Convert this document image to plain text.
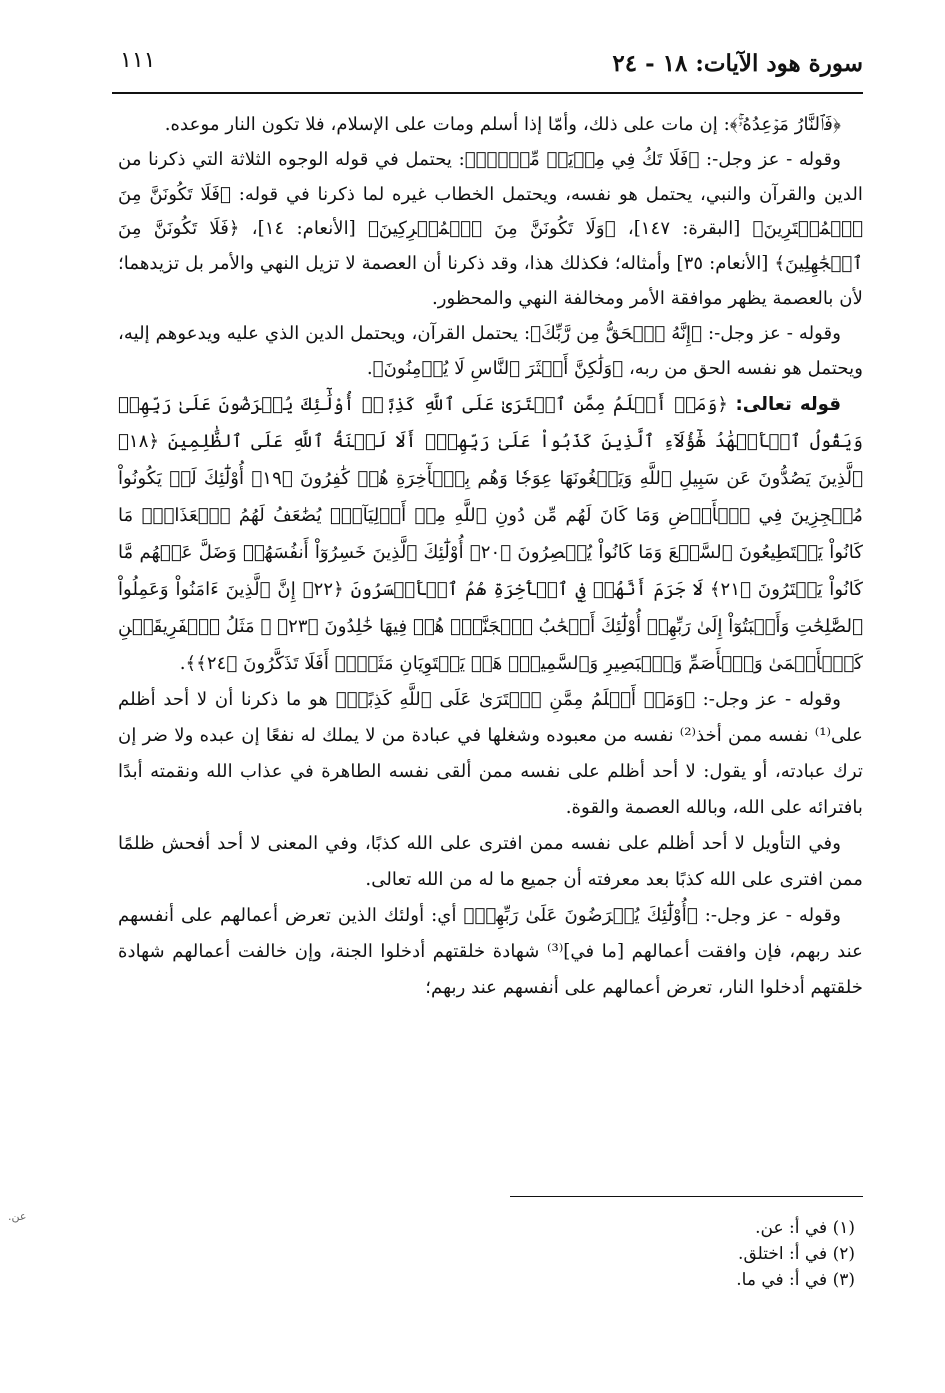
سورة هود الآيات: ١٨ - ٢٤
١١١

﴿فَٱلنَّارُ مَوۡعِدُهُۥۚ﴾: إن مات على ذلك، وأمّا إذا أسلم ومات على الإسلام، فلا تكون النار موعده.

وقوله - عز وجل-: ﴿فَلَا تَكُ فِي مِرۡيَةٖ مِّنۡهُۚ﴾: يحتمل في قوله الوجوه الثلاثة التي ذكرنا من الدين والقرآن والنبي، يحتمل هو نفسه، ويحتمل الخطاب غيره لما ذكرنا في قوله: ﴿فَلَا تَكُونَنَّ مِنَ ٱلۡمُمۡتَرِينَ﴾ [البقرة: ١٤٧]، ﴿وَلَا تَكُونَنَّ مِنَ ٱلۡمُشۡرِكِينَ﴾ [الأنعام: ١٤]، ﴿فَلَا تَكُونَنَّ مِنَ ٱلۡجَٰهِلِينَ﴾ [الأنعام: ٣٥] وأمثاله؛ فكذلك هذا، وقد ذكرنا أن العصمة لا تزيل النهي والأمر بل تزيدهما؛ لأن بالعصمة يظهر موافقة الأمر ومخالفة النهي والمحظور.

وقوله - عز وجل-: ﴿إِنَّهُ ٱلۡحَقُّ مِن رَّبِّكَ﴾: يحتمل القرآن، ويحتمل الدين الذي عليه ويدعوهم إليه، ويحتمل هو نفسه الحق من ربه، ﴿وَلَٰكِنَّ أَكۡثَرَ ٱلنَّاسِ لَا يُؤۡمِنُونَ﴾.

قوله تعالى: ﴿وَمَنۡ أَظۡلَمُ مِمَّنِ ٱفۡتَرَىٰ عَلَى ٱللَّهِ كَذِبًاۚ أُوْلَٰٓئِكَ يُعۡرَضُونَ عَلَىٰ رَبِّهِمۡ وَيَقُولُ ٱلۡأَشۡهَٰدُ هَٰٓؤُلَآءِ ٱلَّذِينَ كَذَبُواْ عَلَىٰ رَبِّهِمۡۚ أَلَا لَعۡنَةُ ٱللَّهِ عَلَى ٱلظَّٰلِمِينَ ﴿١٨﴾ ٱلَّذِينَ يَصُدُّونَ عَن سَبِيلِ ٱللَّهِ وَيَبۡغُونَهَا عِوَجٗا وَهُم بِٱلۡأٓخِرَةِ هُمۡ كَٰفِرُونَ ﴿١٩﴾ أُوْلَٰٓئِكَ لَمۡ يَكُونُواْ مُعۡجِزِينَ فِي ٱلۡأَرۡضِ وَمَا كَانَ لَهُم مِّن دُونِ ٱللَّهِ مِنۡ أَوۡلِيَآءَۘ يُضَٰعَفُ لَهُمُ ٱلۡعَذَابُۚ مَا كَانُواْ يَسۡتَطِيعُونَ ٱلسَّمۡعَ وَمَا كَانُواْ يُبۡصِرُونَ ﴿٢٠﴾ أُوْلَٰٓئِكَ ٱلَّذِينَ خَسِرُوٓاْ أَنفُسَهُمۡ وَضَلَّ عَنۡهُم مَّا كَانُواْ يَفۡتَرُونَ ﴿٢١﴾ لَا جَرَمَ أَنَّهُمۡ فِي ٱلۡأٓخِرَةِ هُمُ ٱلۡأَخۡسَرُونَ ﴿٢٢﴾ إِنَّ ٱلَّذِينَ ءَامَنُواْ وَعَمِلُواْ ٱلصَّٰلِحَٰتِ وَأَخۡبَتُوٓاْ إِلَىٰ رَبِّهِمۡ أُوْلَٰٓئِكَ أَصۡحَٰبُ ٱلۡجَنَّةِۖ هُمۡ فِيهَا خَٰلِدُونَ ﴿٢٣﴾ ۞ مَثَلُ ٱلۡفَرِيقَيۡنِ كَٱلۡأَعۡمَىٰ وَٱلۡأَصَمِّ وَٱلۡبَصِيرِ وَٱلسَّمِيعِۚ هَلۡ يَسۡتَوِيَانِ مَثَلًاۚ أَفَلَا تَذَكَّرُونَ ﴿٢٤﴾﴾.

وقوله - عز وجل-: ﴿وَمَنۡ أَظۡلَمُ مِمَّنِ ٱفۡتَرَىٰ عَلَى ٱللَّهِ كَذِبًاۚ﴾ هو ما ذكرنا أن لا أحد أظلم على⁽¹⁾ نفسه ممن أخذ⁽²⁾ نفسه من معبوده وشغلها في عبادة من لا يملك له نفعًا إن عبده ولا ضر إن ترك عبادته، أو يقول: لا أحد أظلم على نفسه ممن ألقى نفسه الطاهرة في عذاب الله ونقمته أبدًا بافترائه على الله، وبالله العصمة والقوة.

وفي التأويل لا أحد أظلم على نفسه ممن افترى على الله كذبًا، وفي المعنى لا أحد أفحش ظلمًا ممن افترى على الله كذبًا بعد معرفته أن جميع ما له من الله تعالى.

وقوله - عز وجل-: ﴿أُوْلَٰٓئِكَ يُعۡرَضُونَ عَلَىٰ رَبِّهِمۡ﴾ أي: أولئك الذين تعرض أعمالهم على أنفسهم عند ربهم، فإن وافقت أعمالهم [ما في]⁽³⁾ شهادة خلقتهم أدخلوا الجنة، وإن خالفت أعمالهم شهادة خلقتهم أدخلوا النار، تعرض أعمالهم على أنفسهم عند ربهم؛

عن.
(١) في أ: عن.
(٢) في أ: اختلق.
(٣) في أ: في ما.
